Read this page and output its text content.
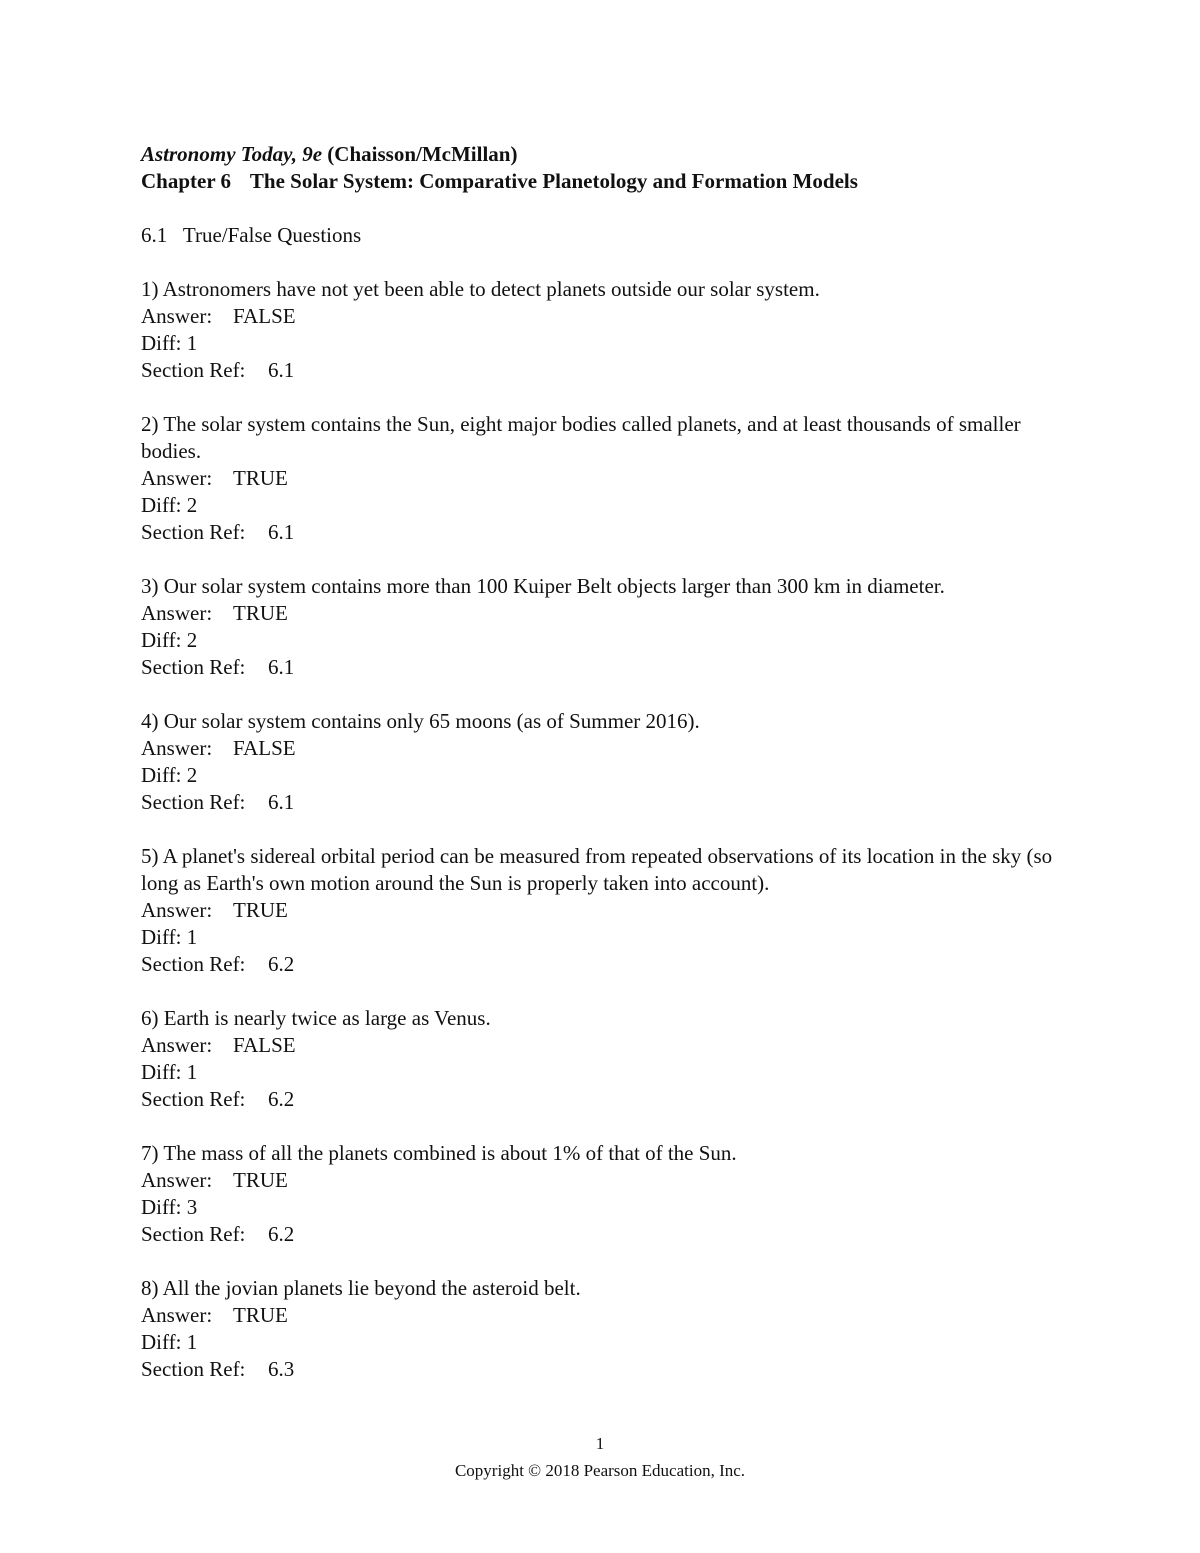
Astronomy Today, 9e (Chaisson/McMillan)
Chapter 6 The Solar System: Comparative Planetology and Formation Models
6.1 True/False Questions
1) Astronomers have not yet been able to detect planets outside our solar system.
Answer: FALSE
Diff: 1
Section Ref: 6.1
2) The solar system contains the Sun, eight major bodies called planets, and at least thousands of smaller bodies.
Answer: TRUE
Diff: 2
Section Ref: 6.1
3) Our solar system contains more than 100 Kuiper Belt objects larger than 300 km in diameter.
Answer: TRUE
Diff: 2
Section Ref: 6.1
4) Our solar system contains only 65 moons (as of Summer 2016).
Answer: FALSE
Diff: 2
Section Ref: 6.1
5) A planet's sidereal orbital period can be measured from repeated observations of its location in the sky (so long as Earth's own motion around the Sun is properly taken into account).
Answer: TRUE
Diff: 1
Section Ref: 6.2
6) Earth is nearly twice as large as Venus.
Answer: FALSE
Diff: 1
Section Ref: 6.2
7) The mass of all the planets combined is about 1% of that of the Sun.
Answer: TRUE
Diff: 3
Section Ref: 6.2
8) All the jovian planets lie beyond the asteroid belt.
Answer: TRUE
Diff: 1
Section Ref: 6.3
1
Copyright © 2018 Pearson Education, Inc.
